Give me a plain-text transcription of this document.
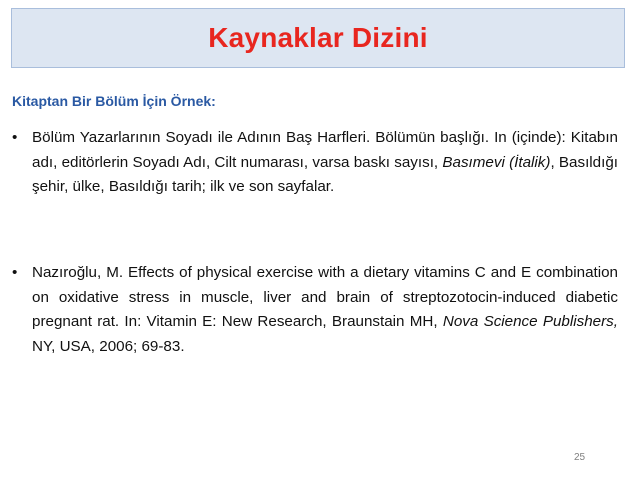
Kaynaklar Dizini
Kitaptan Bir Bölüm İçin Örnek:
• Bölüm Yazarlarının Soyadı ile Adının Baş Harfleri. Bölümün başlığı. In (içinde): Kitabın adı, editörlerin Soyadı Adı, Cilt numarası, varsa baskı sayısı, Basımevi (İtalik), Basıldığı şehir, ülke, Basıldığı tarih; ilk ve son sayfalar.
• Nazıroğlu, M. Effects of physical exercise with a dietary vitamins C and E combination on oxidative stress in muscle, liver and brain of streptozotocin-induced diabetic pregnant rat. In: Vitamin E: New Research, Braunstain MH, Nova Science Publishers, NY, USA, 2006; 69-83.
25
